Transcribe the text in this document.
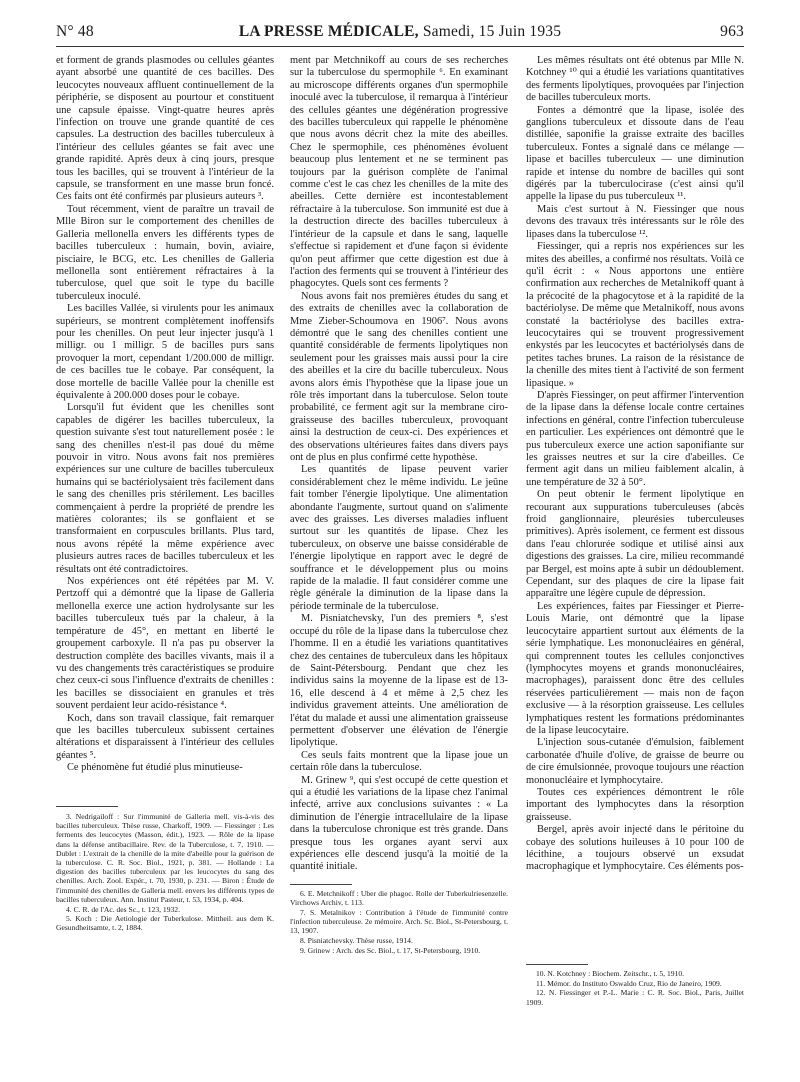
N° 48	LA PRESSE MÉDICALE, Samedi, 15 Juin 1935	963

et forment de grands plasmodes ou cellules géantes ayant absorbé une quantité de ces bacilles. Des leucocytes nouveaux affluent continuellement de la périphérie, se disposent au pourtour et constituent une capsule épaisse. Vingt-quatre heures après l'infection on trouve une grande quantité de ces capsules. La destruction des bacilles tuberculeux à l'intérieur des cellules géantes se fait avec une grande rapidité. Après deux à cinq jours, presque tous les bacilles, qui se trouvent à l'intérieur de la capsule, se transforment en une masse brun foncé. Ces faits ont été confirmés par plusieurs auteurs ³.

Tout récemment, vient de paraître un travail de Mlle Biron sur le comportement des chenilles de Galleria mellonella envers les différents types de bacilles tuberculeux : humain, bovin, aviaire, pisciaire, le BCG, etc. Les chenilles de Galleria mellonella sont entièrement réfractaires à la tuberculose, quel que soit le type du bacille tuberculeux inoculé.

Les bacilles Vallée, si virulents pour les animaux supérieurs, se montrent complètement inoffensifs pour les chenilles. On peut leur injecter jusqu'à 1 milligr. ou 1 milligr. 5 de bacilles purs sans provoquer la mort, cependant 1/200.000 de milligr. de ces bacilles tue le cobaye. Par conséquent, la dose mortelle de bacille Vallée pour la chenille est équivalente à 200.000 doses pour le cobaye.

Lorsqu'il fut évident que les chenilles sont capables de digérer les bacilles tuberculeux, la question suivante s'est tout naturellement posée : le sang des chenilles n'est-il pas doué du même pouvoir in vitro. Nous avons fait nos premières expériences sur une culture de bacilles tuberculeux humains qui se bactériolysaient très facilement dans le sang des chenilles pris stérilement. Les bacilles commençaient à perdre la propriété de prendre les matières colorantes; ils se gonflaient et se transformaient en corpuscules brillants. Plus tard, nous avons répété la même expérience avec plusieurs autres races de bacilles tuberculeux et les résultats ont été contradictoires.

Nos expériences ont été répétées par M. V. Pertzoff qui a démontré que la lipase de Galleria mellonella exerce une action hydrolysante sur les bacilles tuberculeux tués par la chaleur, à la température de 45°, en mettant en liberté le groupement carboxyle. Il n'a pas pu observer la destruction complète des bacilles vivants, mais il a vu des changements très caractéristiques se produire chez ceux-ci sous l'influence d'extraits de chenilles : les bacilles se dissociaient en granules et très souvent perdaient leur acido-résistance ⁴.

Koch, dans son travail classique, fait remarquer que les bacilles tuberculeux subissent certaines altérations et disparaissent à l'intérieur des cellules géantes ⁵.

Ce phénomène fut étudié plus minutieuse-

3. Nedrigailoff : Sur l'immunité de Galleria mell. vis-à-vis des bacilles tuberculeux. Thèse russe, Charkoff, 1909. — Fiessinger : Les ferments des leucocytes (Masson, édit.), 1923. — Rôle de la lipase dans la défense antibacillaire. Rev. de la Tuberculose, t. 7, 1910. — Dublet : L'extrait de la chenille de la mite d'abeille pour la guérison de la tuberculose. C. R. Soc. Biol., 1921, p. 381. — Hollande : La digestion des bacilles tuberculeux par les leucocytes du sang des chenilles. Arch. Zool. Expér., t. 70, 1930, p. 231. — Biron : Étude de l'immunité des chenilles de Galleria mell. envers les différents types de bacilles tuberculeux. Ann. Institut Pasteur, t. 53, 1934, p. 404.

4. C. R. de l'Ac. des Sc., t. 123, 1932.

5. Koch : Die Aetiologie der Tuberkulose. Mittheil. aus dem K. Gesundheitsamte, t. 2, 1884.

ment par Metchnikoff au cours de ses recherches sur la tuberculose du spermophile ⁶. En examinant au microscope différents organes d'un spermophile inoculé avec la tuberculose, il remarqua à l'intérieur des cellules géantes une dégénération progressive des bacilles tuberculeux qui rappelle le phénomène que nous avons décrit chez la mite des abeilles. Chez le spermophile, ces phénomènes évoluent beaucoup plus lentement et ne se terminent pas toujours par la guérison complète de l'animal comme c'est le cas chez les chenilles de la mite des abeilles. Cette dernière est incontestablement réfractaire à la tuberculose. Son immunité est due à la destruction directe des bacilles tuberculeux à l'intérieur de la capsule et dans le sang, laquelle s'effectue si rapidement et d'une façon si évidente qu'on peut affirmer que cette digestion est due à l'action des ferments qui se trouvent à l'intérieur des phagocytes. Quels sont ces ferments ?

Nous avons fait nos premières études du sang et des extraits de chenilles avec la collaboration de Mme Zieber-Schoumova en 1906⁷. Nous avons démontré que le sang des chenilles contient une quantité considérable de ferments lipolytiques non seulement pour les graisses mais aussi pour la cire des abeilles et la cire du bacille tuberculeux. Nous avons alors émis l'hypothèse que la lipase joue un rôle très important dans la tuberculose. Selon toute probabilité, ce ferment agit sur la membrane ciro-graisseuse des bacilles tuberculeux, provoquant ainsi la destruction de ceux-ci. Des expériences et des observations ultérieures faites dans divers pays ont de plus en plus confirmé cette hypothèse.

Les quantités de lipase peuvent varier considérablement chez le même individu. Le jeûne fait tomber l'énergie lipolytique. Une alimentation abondante l'augmente, surtout quand on s'alimente avec des graisses. Les diverses maladies influent surtout sur les quantités de lipase. Chez les tuberculeux, on observe une baisse considérable de l'énergie lipolytique en rapport avec le degré de souffrance et le développement plus ou moins rapide de la maladie. Il faut considérer comme une règle générale la diminution de la lipase dans la période terminale de la tuberculose.

M. Pisniatchevsky, l'un des premiers ⁸, s'est occupé du rôle de la lipase dans la tuberculose chez l'homme. Il en a étudié les variations quantitatives chez des centaines de tuberculeux dans les hôpitaux de Saint-Pétersbourg. Pendant que chez les individus sains la moyenne de la lipase est de 13-16, elle descend à 4 et même à 2,5 chez les individus gravement atteints. Une amélioration de l'état du malade et aussi une alimentation graisseuse permettent d'observer une élévation de l'énergie lipolytique.

Ces seuls faits montrent que la lipase joue un certain rôle dans la tuberculose.

M. Grinew ⁹, qui s'est occupé de cette question et qui a étudié les variations de la lipase chez l'animal infecté, arrive aux conclusions suivantes : « La diminution de l'énergie intracellulaire de la lipase dans la tuberculose chronique est très grande. Dans presque tous les organes ayant servi aux expériences elle descend jusqu'à la moitié de la quantité initiale.

6. E. Metchnikoff : Uber die phagoc. Rolle der Tuberkulriesenzelle. Virchows Archiv, t. 113.

7. S. Metalnikov : Contribution à l'étude de l'immunité contre l'infection tuberculeuse. 2e mémoire. Arch. Sc. Biol., St-Petersbourg, t. 13, 1907.

8. Pisniatchevsky. Thèse russe, 1914.

9. Grinew : Arch. des Sc. Biol., t. 17, St-Petersbourg, 1910.

Les mêmes résultats ont été obtenus par Mlle N. Kotchney ¹⁰ qui a étudié les variations quantitatives des ferments lipolytiques, provoquées par l'injection de bacilles tuberculeux morts.

Fontes a démontré que la lipase, isolée des ganglions tuberculeux et dissoute dans de l'eau distillée, saponifie la graisse extraite des bacilles tuberculeux. Fontes a signalé dans ce mélange — lipase et bacilles tuberculeux — une diminution rapide et intense du nombre de bacilles qui sont digérés par la tuberculocirase (c'est ainsi qu'il appelle la lipase du pus tuberculeux ¹¹.

Mais c'est surtout à N. Fiessinger que nous devons des travaux très intéressants sur le rôle des lipases dans la tuberculose ¹².

Fiessinger, qui a repris nos expériences sur les mites des abeilles, a confirmé nos résultats. Voilà ce qu'il écrit : « Nous apportons une entière confirmation aux recherches de Metalnikoff quant à la précocité de la phagocytose et à la rapidité de la bactériolyse. De même que Metalnikoff, nous avons constaté la bactériolyse des bacilles extra-leucocytaires qui se trouvent progressivement enkystés par les leucocytes et bactériolysés dans de petites taches brunes. La raison de la résistance de la chenille des mites tient à l'activité de son ferment lipasique. »

D'après Fiessinger, on peut affirmer l'intervention de la lipase dans la défense locale contre certaines infections en général, contre l'infection tuberculeuse en particulier. Les expériences ont démontré que le pus tuberculeux exerce une action saponifiante sur les graisses neutres et sur la cire d'abeilles. Ce ferment agit dans un milieu faiblement alcalin, à une température de 32 à 50°.

On peut obtenir le ferment lipolytique en recourant aux suppurations tuberculeuses (abcès froid ganglionnaire, pleurésies tuberculeuses primitives). Après isolement, ce ferment est dissous dans l'eau chlorurée sodique et utilisé ainsi aux digestions des graisses. La cire, milieu recommandé par Bergel, est moins apte à subir un dédoublement. Cependant, sur des plaques de cire la lipase fait apparaître une légère cupule de dépression.

Les expériences, faites par Fiessinger et Pierre-Louis Marie, ont démontré que la lipase leucocytaire appartient surtout aux éléments de la série lymphatique. Les mononucléaires en général, qui comprennent toutes les cellules conjonctives (lymphocytes moyens et grands mononucléaires, macrophages), paraissent donc être des cellules réservées particulièrement — mais non de façon exclusive — à la résorption graisseuse. Les cellules lymphatiques restent les formations prédominantes de la lipase leucocytaire.

L'injection sous-cutanée d'émulsion, faiblement carbonatée d'huile d'olive, de graisse de beurre ou de cire émulsionnée, provoque toujours une réaction mononucléaire et lymphocytaire.

Toutes ces expériences démontrent le rôle important des lymphocytes dans la résorption graisseuse.

Bergel, après avoir injecté dans le péritoine du cobaye des solutions huileuses à 10 pour 100 de lécithine, a toujours observé un exsudat macrophagique et lymphocytaire. Ces éléments pos-

10. N. Kotchney : Biochem. Zeitschr., t. 5, 1910.

11. Mémor. do Instituto Oswaldo Cruz, Rio de Janeiro, 1909.

12. N. Fiessinger et P.-L. Marie : C. R. Soc. Biol., Paris, Juillet 1909.
